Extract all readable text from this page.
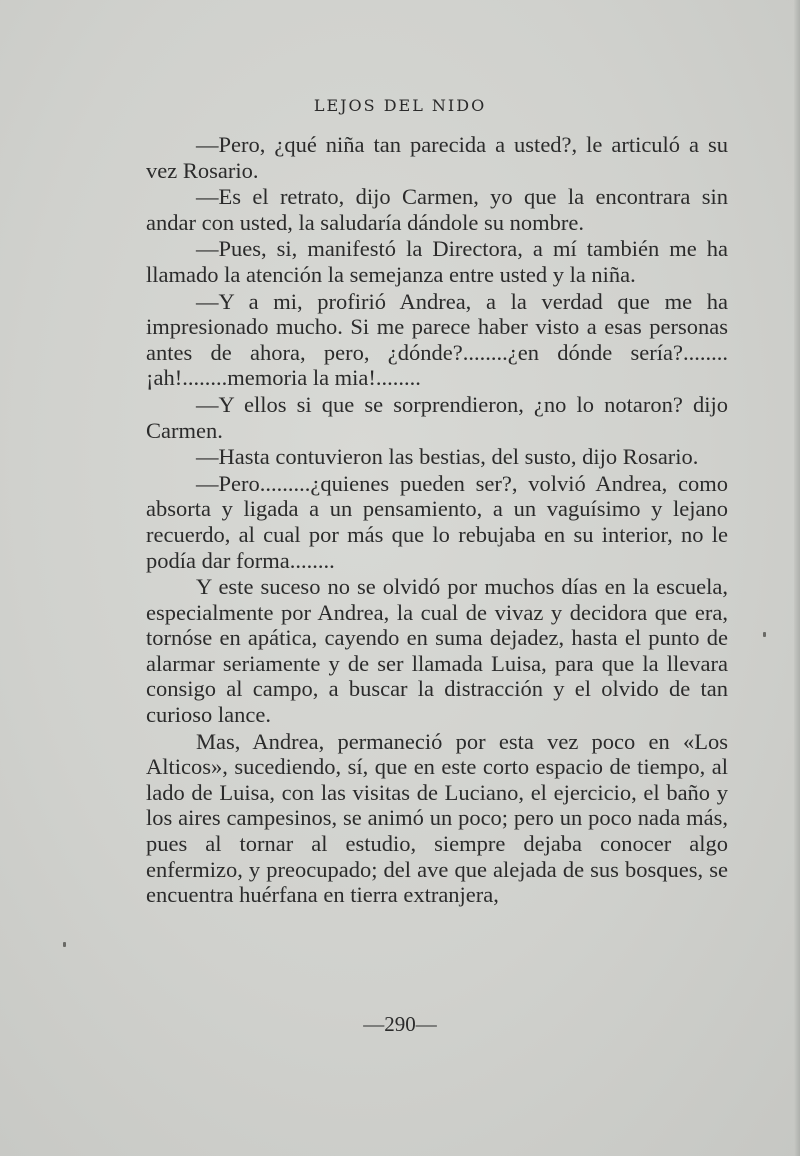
LEJOS DEL NIDO

—Pero, ¿qué niña tan parecida a usted?, le articuló a su vez Rosario.

—Es el retrato, dijo Carmen, yo que la encontrara sin andar con usted, la saludaría dándole su nombre.

—Pues, si, manifestó la Directora, a mí también me ha llamado la atención la semejanza entre usted y la niña.

—Y a mi, profirió Andrea, a la verdad que me ha impresionado mucho. Si me parece haber visto a esas personas antes de ahora, pero, ¿dónde?........¿en dónde sería?........¡ah!........memoria la mia!........

—Y ellos si que se sorprendieron, ¿no lo notaron? dijo Carmen.

—Hasta contuvieron las bestias, del susto, dijo Rosario.

—Pero.........¿quienes pueden ser?, volvió Andrea, como absorta y ligada a un pensamiento, a un vaguísimo y lejano recuerdo, al cual por más que lo rebujaba en su interior, no le podía dar forma........

Y este suceso no se olvidó por muchos días en la escuela, especialmente por Andrea, la cual de vivaz y decidora que era, tornóse en apática, cayendo en suma dejadez, hasta el punto de alarmar seriamente y de ser llamada Luisa, para que la llevara consigo al campo, a buscar la distracción y el olvido de tan curioso lance.

Mas, Andrea, permaneció por esta vez poco en «Los Alticos», sucediendo, sí, que en este corto espacio de tiempo, al lado de Luisa, con las visitas de Luciano, el ejercicio, el baño y los aires campesinos, se animó un poco; pero un poco nada más, pues al tornar al estudio, siempre dejaba conocer algo enfermizo, y preocupado; del ave que alejada de sus bosques, se encuentra huérfana en tierra extranjera,

—290—
